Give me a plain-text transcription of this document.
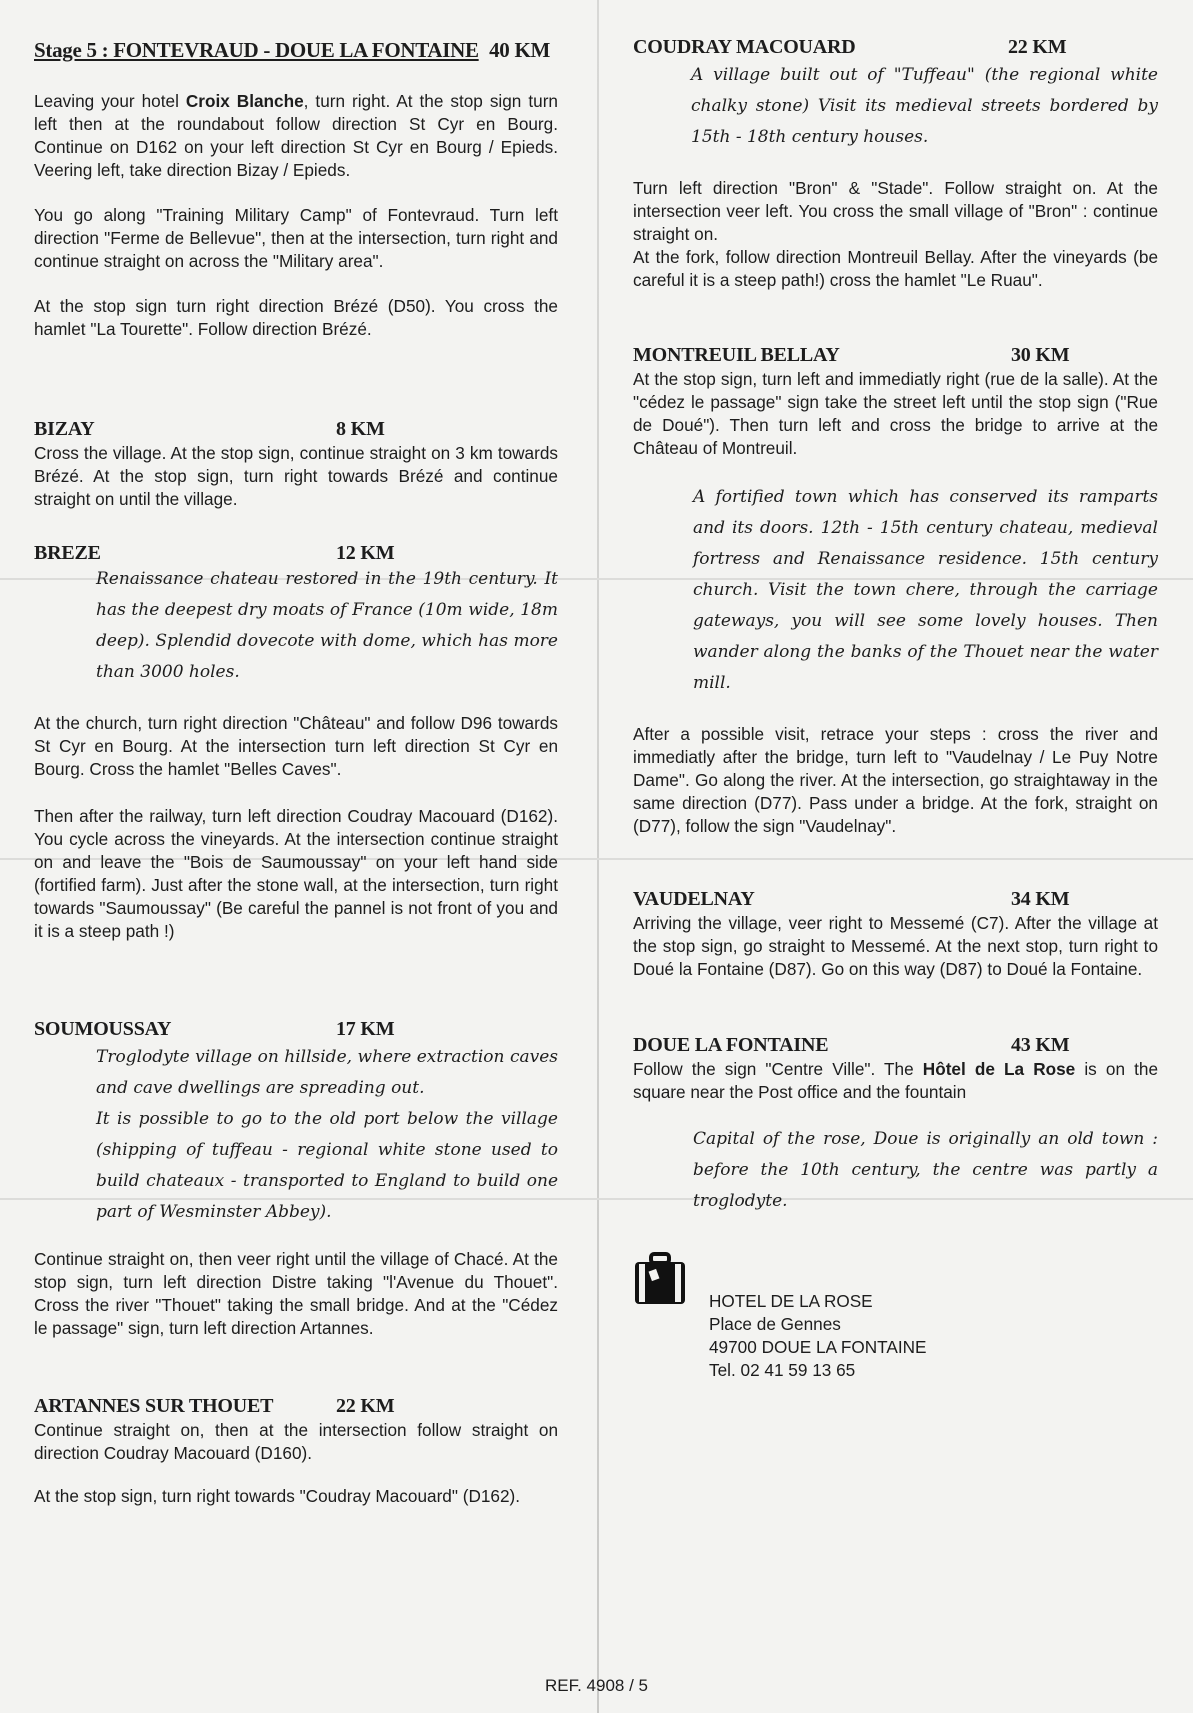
Stage 5 : FONTEVRAUD - DOUE LA FONTAINE 40 KM

Leaving your hotel Croix Blanche, turn right. At the stop sign turn left then at the roundabout follow direction St Cyr en Bourg. Continue on D162 on your left direction St Cyr en Bourg / Epieds. Veering left, take direction Bizay / Epieds.

You go along "Training Military Camp" of Fontevraud. Turn left direction "Ferme de Bellevue", then at the intersection, turn right and continue straight on across the "Military area".

At the stop sign turn right direction Brézé (D50). You cross the hamlet "La Tourette". Follow direction Brézé.

BIZAY	8 KM

Cross the village. At the stop sign, continue straight on 3 km towards Brézé. At the stop sign, turn right towards Brézé and continue straight on until the village.

BREZE	12 KM

Renaissance chateau restored in the 19th century. It has the deepest dry moats of France (10m wide, 18m deep). Splendid dovecote with dome, which has more than 3000 holes.

At the church, turn right direction "Château" and follow D96 towards St Cyr en Bourg. At the intersection turn left direction St Cyr en Bourg. Cross the hamlet "Belles Caves".

Then after the railway, turn left direction Coudray Macouard (D162). You cycle across the vineyards. At the intersection continue straight on and leave the "Bois de Saumoussay" on your left hand side (fortified farm). Just after the stone wall, at the intersection, turn right towards "Saumoussay" (Be careful the pannel is not front of you and it is a steep path !)

SOUMOUSSAY	17 KM

Troglodyte village on hillside, where extraction caves and cave dwellings are spreading out.

It is possible to go to the old port below the village (shipping of tuffeau - regional white stone used to build chateaux - transported to England to build one part of Wesminster Abbey).

Continue straight on, then veer right until the village of Chacé. At the stop sign, turn left direction Distre taking "l'Avenue du Thouet". Cross the river "Thouet" taking the small bridge. And at the "Cédez le passage" sign, turn left direction Artannes.

ARTANNES SUR THOUET	22 KM

Continue straight on, then at the intersection follow straight on direction Coudray Macouard (D160).

At the stop sign, turn right towards "Coudray Macouard" (D162).

COUDRAY MACOUARD	22 KM

A village built out of "Tuffeau" (the regional white chalky stone) Visit its medieval streets bordered by 15th - 18th century houses.

Turn left direction "Bron" & "Stade". Follow straight on. At the intersection veer left. You cross the small village of "Bron" : continue straight on.
At the fork, follow direction Montreuil Bellay. After the vineyards (be careful it is a steep path!) cross the hamlet "Le Ruau".

MONTREUIL BELLAY	30 KM

At the stop sign, turn left and immediatly right (rue de la salle). At the "cédez le passage" sign take the street left until the stop sign ("Rue de Doué"). Then turn left and cross the bridge to arrive at the Château of Montreuil.

A fortified town which has conserved its ramparts and its doors. 12th - 15th century chateau, medieval fortress and Renaissance residence. 15th century church. Visit the town chere, through the carriage gateways, you will see some lovely houses. Then wander along the banks of the Thouet near the water mill.

After a possible visit, retrace your steps : cross the river and immediatly after the bridge, turn left to "Vaudelnay / Le Puy Notre Dame". Go along the river. At the intersection, go straightaway in the same direction (D77). Pass under a bridge. At the fork, straight on (D77), follow the sign "Vaudelnay".

VAUDELNAY	34 KM

Arriving the village, veer right to Messemé (C7). After the village at the stop sign, go straight to Messemé. At the next stop, turn right to Doué la Fontaine (D87). Go on this way (D87) to Doué la Fontaine.

DOUE LA FONTAINE	43 KM

Follow the sign "Centre Ville". The Hôtel de La Rose is on the square near the Post office and the fountain

Capital of the rose, Doue is originally an old town : before the 10th century, the centre was partly a troglodyte.

HOTEL DE LA ROSE
Place de Gennes
49700 DOUE LA FONTAINE
Tel. 02 41 59 13 65
REF. 4908 / 5
